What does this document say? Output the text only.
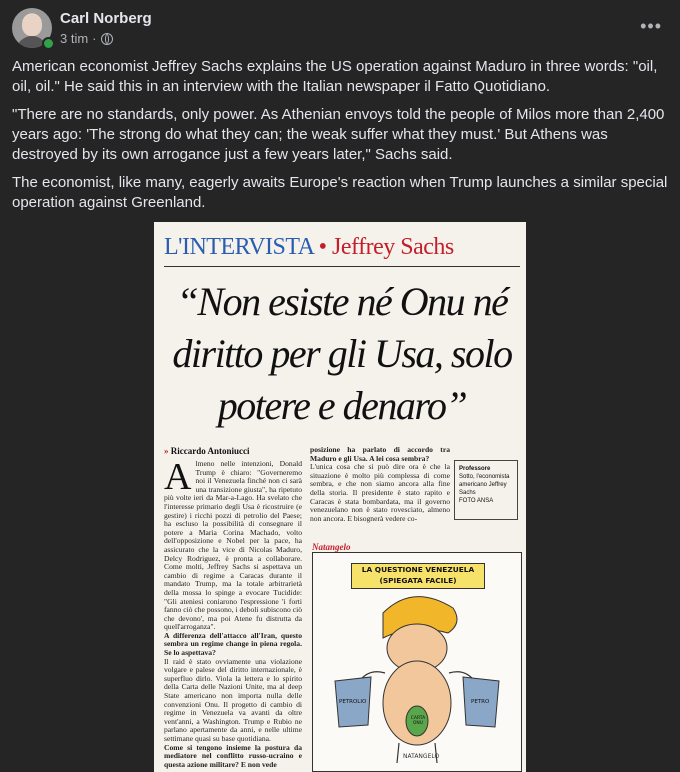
Carl Norberg
3 tim ·
•••

American economist Jeffrey Sachs explains the US operation against Maduro in three words: "oil, oil, oil." He said this in an interview with the Italian newspaper il Fatto Quotidiano.

"There are no standards, only power. As Athenian envoys told the people of Milos more than 2,400 years ago: 'The strong do what they can; the weak suffer what they must.' But Athens was destroyed by its own arrogance just a few years later," Sachs said.

The economist, like many, eagerly awaits Europe's reaction when Trump launches a similar special operation against Greenland.

L'INTERVISTA • Jeffrey Sachs
“Non esiste né Onu né diritto per gli Usa, solo potere e denaro”
» Riccardo Antoniucci
A lmeno nelle intenzioni, Donald Trump è chiaro: "Governeremo noi il Venezuela finché non ci sarà una transizione giusta", ha ripetuto più volte ieri da Mar-a-Lago. Ha svelato che l'interesse primario degli Usa è ricostruire (e gestire) i ricchi pozzi di petrolio del Paese; ha escluso la possibilità di consegnare il potere a Maria Corina Machado, volto dell'opposizione e Nobel per la pace, ha assicurato che la vice di Nicolas Maduro, Delcy Rodriguez, è pronta a collaborare. Come molti, Jeffrey Sachs si aspettava un cambio di regime a Caracas durante il mandato Trump, ma la totale arbitrarietà della mossa lo spinge a evocare Tucidide: "Gli ateniesi coniarono l'espressione 'i forti fanno ciò che possono, i deboli subiscono ciò che devono', ma poi Atene fu distrutta da quell'arroganza".
A differenza dell'attacco all'Iran, questo sembra un regime change in piena regola. Se lo aspettava?
Il raid è stato ovviamente una violazione volgare e palese del diritto internazionale, è superfluo dirlo. Viola la lettera e lo spirito della Carta delle Nazioni Unite, ma al deep State americano non importa nulla delle convenzioni Onu. Il progetto di cambio di regime in Venezuela va avanti da oltre vent'anni, a Washington. Trump e Rubio ne parlano apertamente da anni, e nelle ultime settimane quasi su base quotidiana.
Come si tengono insieme la postura da mediatore nel conflitto russo-ucraino e questa azione militare? E non vede
posizione ha parlato di accordo tra Maduro e gli Usa. A lei cosa sembra?
L'unica cosa che si può dire ora è che la situazione è molto più complessa di come sembra, e che non siamo ancora alla fine della storia. Il presidente è stato rapito e Caracas è stata bombardata, ma il governo venezuelano non è stato rovesciato, almeno non ancora. E bisognerà vedere co-
Professore
Sotto, l'economista americano Jeffrey Sachs
FOTO ANSA
Natangelo
LA QUESTIONE VENEZUELA
(SPIEGATA FACILE)
PETROLIO	PETRO
CARTA ONU
NATANGELO
